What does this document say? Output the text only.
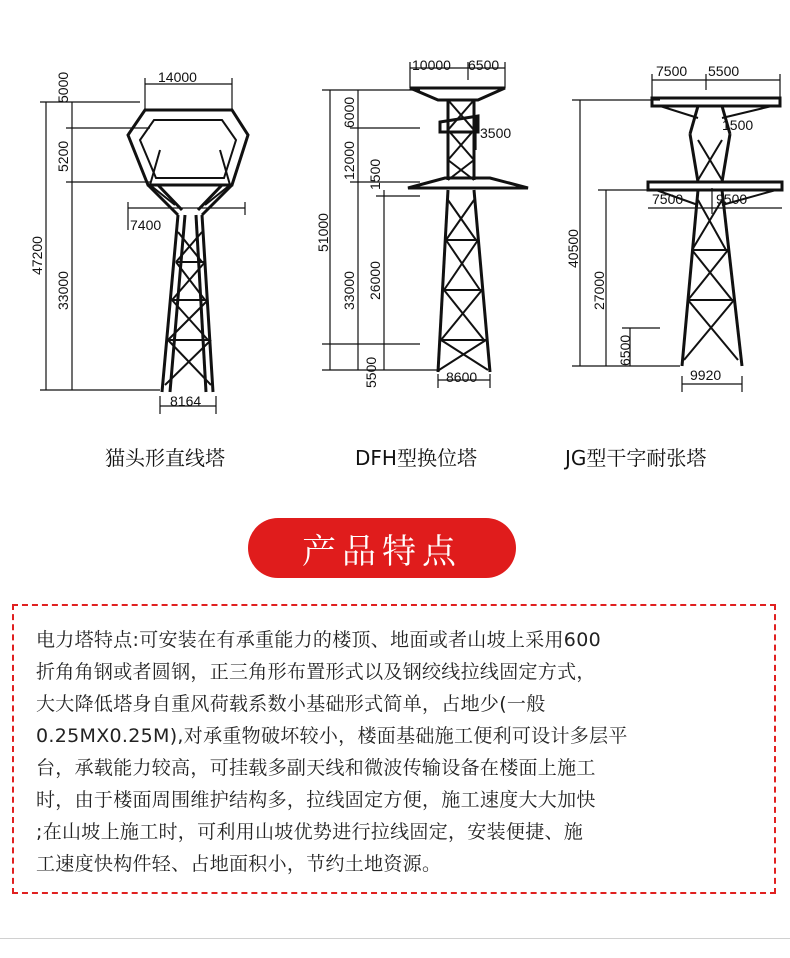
14000
7400
8164
5000
5200
33000
47200
10000 6500
3500
6000
12000 1500
26000
33000
51000
5500	8600
7500 5500
1500
7500 9500
40500
27000
6500
9920
猫头形直线塔	DFH型换位塔	JG型干字耐张塔
产品特点
电力塔特点:可安装在有承重能力的楼顶、地面或者山坡上采用600
折角角钢或者圆钢，正三角形布置形式以及钢绞线拉线固定方式，
大大降低塔身自重风荷载系数小基础形式简单，占地少(一般
0.25MX0.25M),对承重物破坏较小，楼面基础施工便利可设计多层平
台，承载能力较高，可挂载多副天线和微波传输设备在楼面上施工
时，由于楼面周围维护结构多，拉线固定方便，施工速度大大加快
;在山坡上施工时，可利用山坡优势进行拉线固定，安装便捷、施
工速度快构件轻、占地面积小，节约土地资源。
